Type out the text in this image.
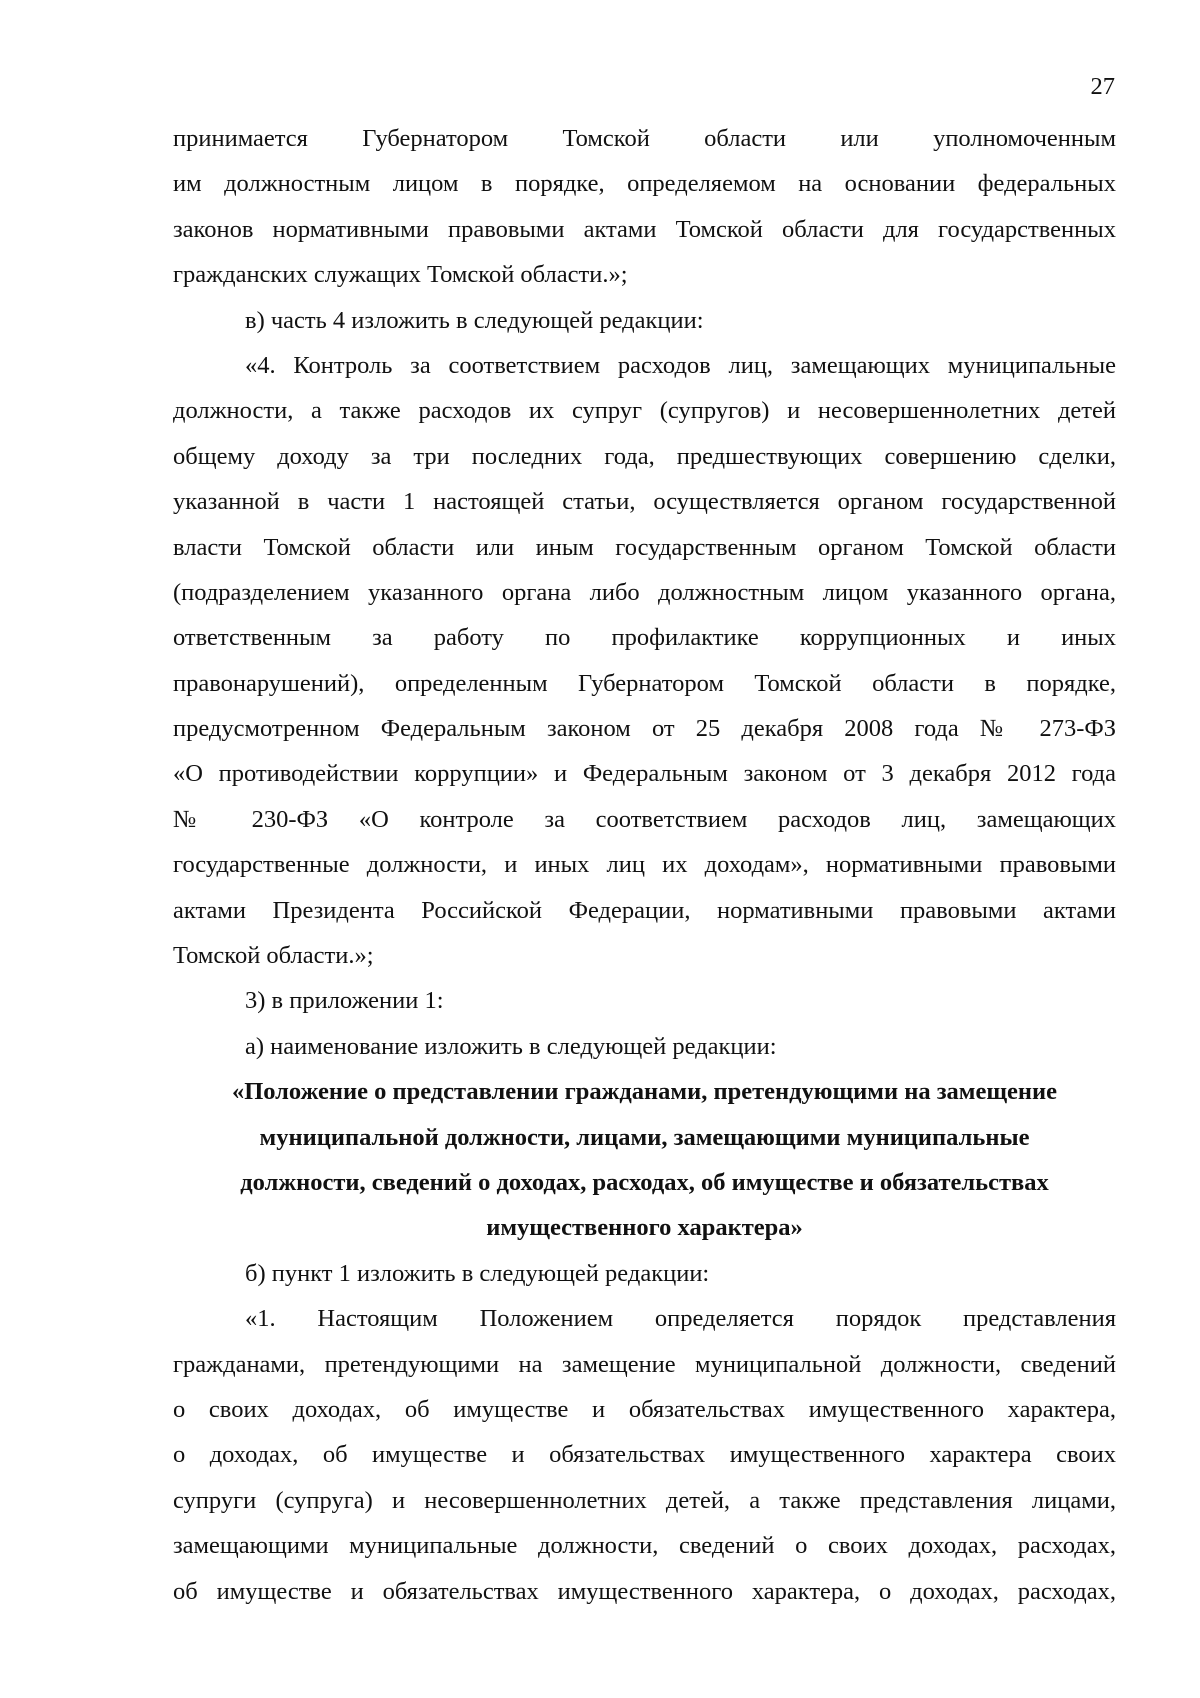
27
принимается Губернатором Томской области или уполномоченным
им должностным лицом в порядке, определяемом на основании федеральных
законов нормативными правовыми актами Томской области для государственных
гражданских служащих Томской области.»;
в) часть 4 изложить в следующей редакции:
«4. Контроль за соответствием расходов лиц, замещающих муниципальные
должности, а также расходов их супруг (супругов) и несовершеннолетних детей
общему доходу за три последних года, предшествующих совершению сделки,
указанной в части 1 настоящей статьи, осуществляется органом государственной
власти Томской области или иным государственным органом Томской области
(подразделением указанного органа либо должностным лицом указанного органа,
ответственным за работу по профилактике коррупционных и иных
правонарушений), определенным Губернатором Томской области в порядке,
предусмотренном Федеральным законом от 25 декабря 2008 года № 273-ФЗ
«О противодействии коррупции» и Федеральным законом от 3 декабря 2012 года
№ 230-ФЗ «О контроле за соответствием расходов лиц, замещающих
государственные должности, и иных лиц их доходам», нормативными правовыми
актами Президента Российской Федерации, нормативными правовыми актами
Томской области.»;
3) в приложении 1:
а) наименование изложить в следующей редакции:
«Положение о представлении гражданами, претендующими на замещение
муниципальной должности, лицами, замещающими муниципальные
должности, сведений о доходах, расходах, об имуществе и обязательствах
имущественного характера»
б) пункт 1 изложить в следующей редакции:
«1. Настоящим Положением определяется порядок представления
гражданами, претендующими на замещение муниципальной должности, сведений
о своих доходах, об имуществе и обязательствах имущественного характера,
о доходах, об имуществе и обязательствах имущественного характера своих
супруги (супруга) и несовершеннолетних детей, а также представления лицами,
замещающими муниципальные должности, сведений о своих доходах, расходах,
об имуществе и обязательствах имущественного характера, о доходах, расходах,
